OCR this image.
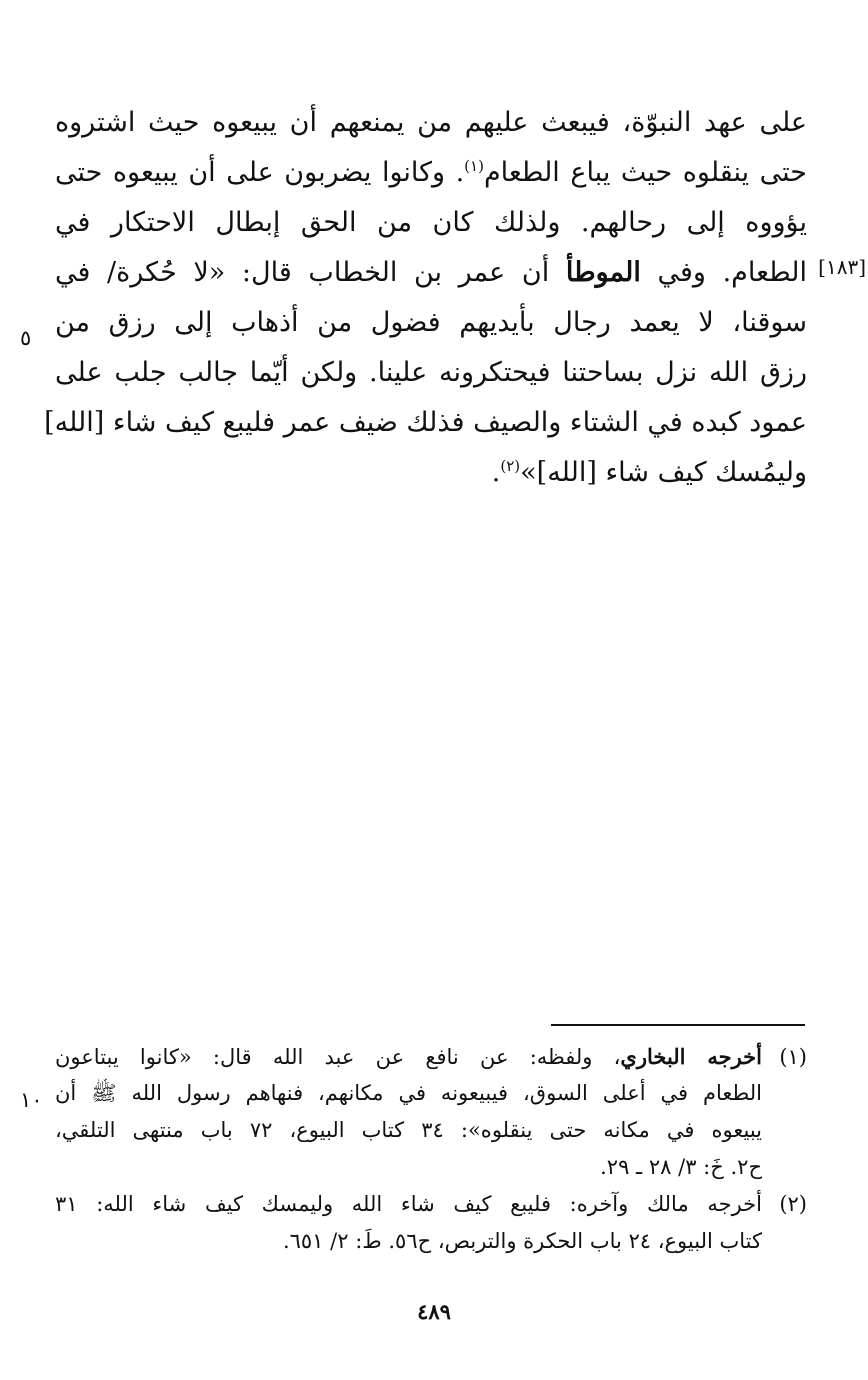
على عهد النبوّة، فيبعث عليهم من يمنعهم أن يبيعوه حيث اشتروه
حتى ينقلوه حيث يباع الطعام$^{(١)}$. وكانوا يضربون على أن يبيعوه حتى
يؤووه إلى رحالهم. ولذلك كان من الحق إبطال الاحتكار في
الطعام. وفي الموطأ أن عمر بن الخطاب قال: «لا حُكرة/ في
سوقنا، لا يعمد رجال بأيديهم فضول من أذهاب إلى رزق من
رزق الله نزل بساحتنا فيحتكرونه علينا. ولكن أيّما جالب جلب على
عمود كبده في الشتاء والصيف فذلك ضيف عمر فليبع كيف شاء [الله]
وليمُسك كيف شاء [الله]»$^{(٢)}$.
[١٨٣]
٥
١٠
(١)أخرجه البخاري، ولفظه: عن نافع عن عبد الله قال: «كانوا يبتاعون
الطعام في أعلى السوق، فيبيعونه في مكانهم، فنهاهم رسول الله ﷺ أن
يبيعوه في مكانه حتى ينقلوه»: ٣٤ كتاب البيوع، ٧٢ باب منتهى التلقي،
ح٢. خَ: ٣/ ٢٨ ـ ٢٩.
(٢)أخرجه مالك وآخره: فليبع كيف شاء الله وليمسك كيف شاء الله: ٣١
كتاب البيوع، ٢٤ باب الحكرة والتربص، ح٥٦. طَ: ٢/ ٦٥١.
٤٨٩
